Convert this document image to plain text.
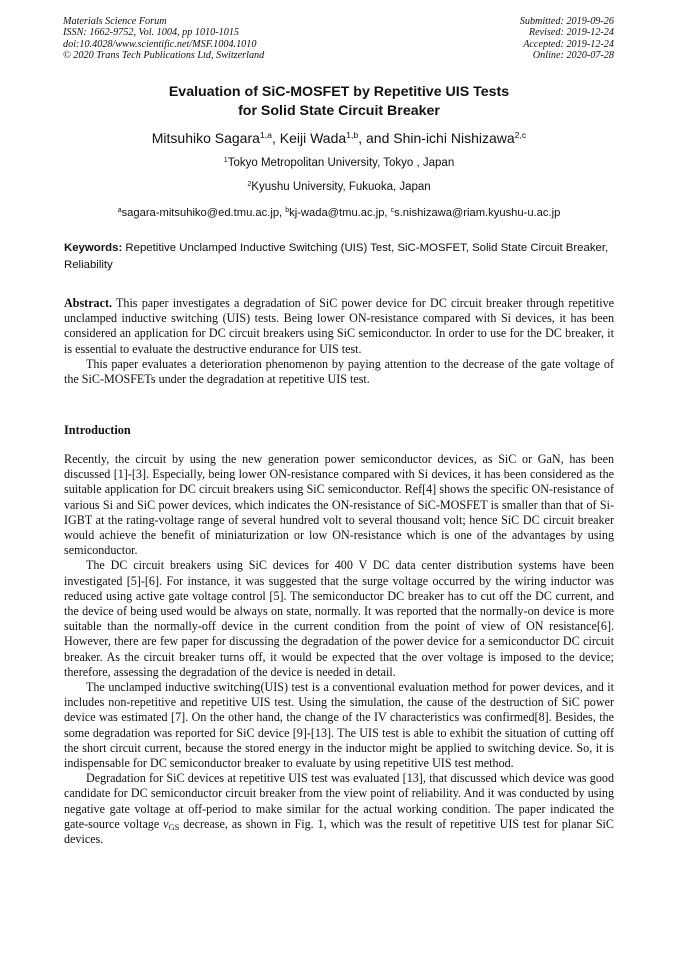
Materials Science Forum
ISSN: 1662-9752, Vol. 1004, pp 1010-1015
doi:10.4028/www.scientific.net/MSF.1004.1010
© 2020 Trans Tech Publications Ltd, Switzerland
Submitted: 2019-09-26
Revised: 2019-12-24
Accepted: 2019-12-24
Online: 2020-07-28
Evaluation of SiC-MOSFET by Repetitive UIS Tests
for Solid State Circuit Breaker
Mitsuhiko Sagara$^{1,a}$, Keiji Wada$^{1,b}$, and Shin-ichi Nishizawa$^{2,c}$
$^1$Tokyo Metropolitan University, Tokyo , Japan
$^2$Kyushu University, Fukuoka, Japan
$^a$sagara-mitsuhiko@ed.tmu.ac.jp, $^b$kj-wada@tmu.ac.jp, $^c$s.nishizawa@riam.kyushu-u.ac.jp
Keywords: Repetitive Unclamped Inductive Switching (UIS) Test, SiC-MOSFET, Solid State Circuit Breaker, Reliability

Abstract. This paper investigates a degradation of SiC power device for DC circuit breaker through repetitive unclamped inductive switching (UIS) tests. Being lower ON-resistance compared with Si devices, it has been considered an application for DC circuit breakers using SiC semiconductor. In order to use for the DC breaker, it is essential to evaluate the destructive endurance for UIS test.

This paper evaluates a deterioration phenomenon by paying attention to the decrease of the gate voltage of the SiC-MOSFETs under the degradation at repetitive UIS test.

Introduction

Recently, the circuit by using the new generation power semiconductor devices, as SiC or GaN, has been discussed [1]-[3]. Especially, being lower ON-resistance compared with Si devices, it has been considered as the suitable application for DC circuit breakers using SiC semiconductor. Ref[4] shows the specific ON-resistance of various Si and SiC power devices, which indicates the ON-resistance of SiC-MOSFET is smaller than that of Si-IGBT at the rating-voltage range of several hundred volt to several thousand volt; hence SiC DC circuit breaker would achieve the benefit of miniaturization or low ON-resistance which is one of the advantages by using semiconductor.

The DC circuit breakers using SiC devices for 400 V DC data center distribution systems have been investigated [5]-[6]. For instance, it was suggested that the surge voltage occurred by the wiring inductor was reduced using active gate voltage control [5]. The semiconductor DC breaker has to cut off the DC current, and the device of being used would be always on state, normally. It was reported that the normally-on device is more suitable than the normally-off device in the current condition from the point of view of ON resistance[6]. However, there are few paper for discussing the degradation of the power device for a semiconductor DC circuit breaker. As the circuit breaker turns off, it would be expected that the over voltage is imposed to the device; therefore, assessing the degradation of the device is needed in detail.

The unclamped inductive switching(UIS) test is a conventional evaluation method for power devices, and it includes non-repetitive and repetitive UIS test. Using the simulation, the cause of the destruction of SiC power device was estimated [7]. On the other hand, the change of the IV characteristics was confirmed[8]. Besides, the some degradation was reported for SiC device [9]-[13]. The UIS test is able to exhibit the situation of cutting off the short circuit current, because the stored energy in the inductor might be applied to switching device. So, it is indispensable for DC semiconductor breaker to evaluate by using repetitive UIS test method.

Degradation for SiC devices at repetitive UIS test was evaluated [13], that discussed which device was good candidate for DC semiconductor circuit breaker from the view point of reliability. And it was conducted by using negative gate voltage at off-period to make similar for the actual working condition. The paper indicated the gate-source voltage $v_{GS}$ decrease, as shown in Fig. 1, which was the result of repetitive UIS test for planar SiC devices.
